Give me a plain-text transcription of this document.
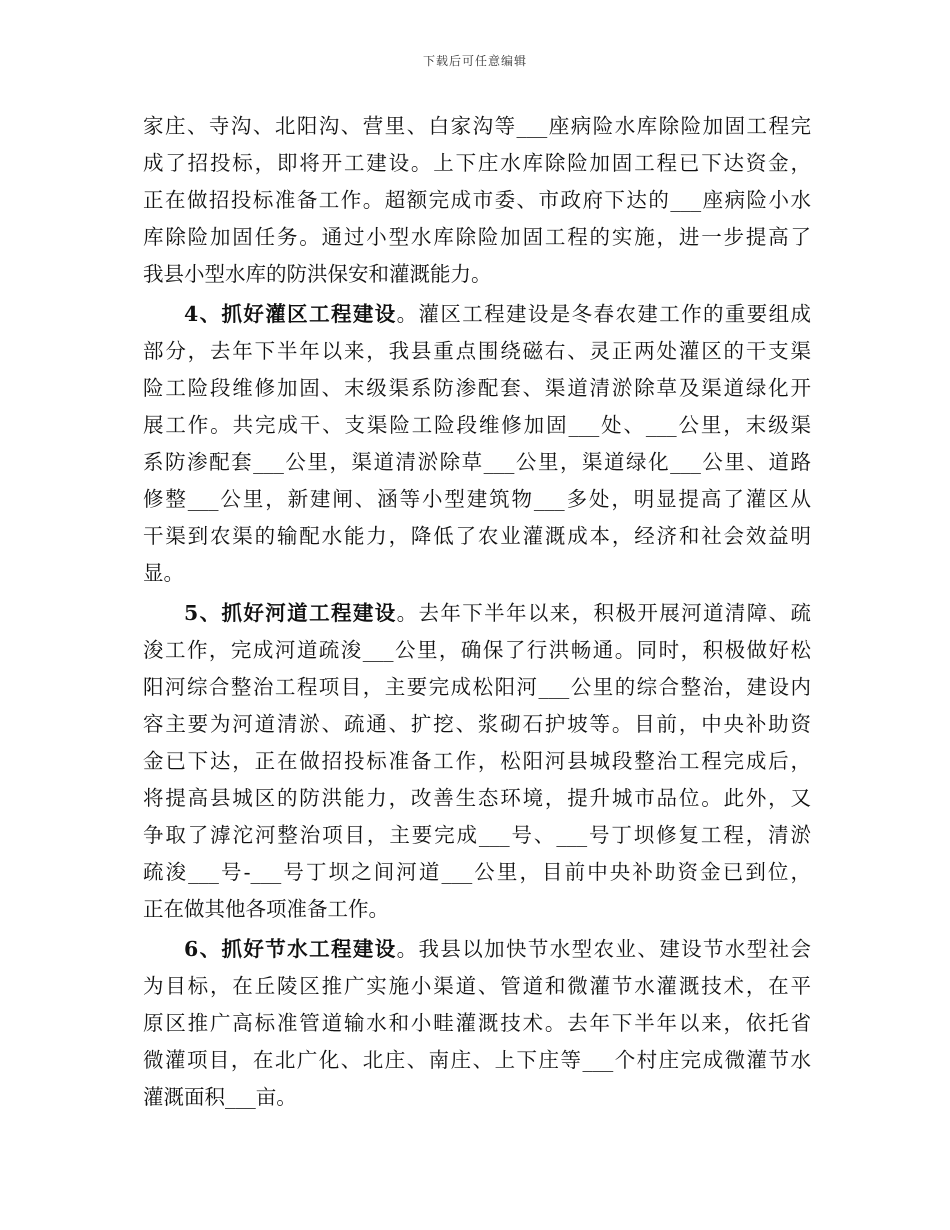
下载后可任意编辑

家庄、寺沟、北阳沟、营里、白家沟等___座病险水库除险加固工程完
成了招投标，即将开工建设。上下庄水库除险加固工程已下达资金，
正在做招投标准备工作。超额完成市委、市政府下达的___座病险小水
库除险加固任务。通过小型水库除险加固工程的实施，进一步提高了
我县小型水库的防洪保安和灌溉能力。

4、抓好灌区工程建设。灌区工程建设是冬春农建工作的重要组成
部分，去年下半年以来，我县重点围绕磁右、灵正两处灌区的干支渠
险工险段维修加固、末级渠系防渗配套、渠道清淤除草及渠道绿化开
展工作。共完成干、支渠险工险段维修加固___处、___公里，末级渠
系防渗配套___公里，渠道清淤除草___公里，渠道绿化___公里、道路
修整___公里，新建闸、涵等小型建筑物___多处，明显提高了灌区从
干渠到农渠的输配水能力，降低了农业灌溉成本，经济和社会效益明
显。

5、抓好河道工程建设。去年下半年以来，积极开展河道清障、疏
浚工作，完成河道疏浚___公里，确保了行洪畅通。同时，积极做好松
阳河综合整治工程项目，主要完成松阳河___公里的综合整治，建设内
容主要为河道清淤、疏通、扩挖、浆砌石护坡等。目前，中央补助资
金已下达，正在做招投标准备工作，松阳河县城段整治工程完成后，
将提高县城区的防洪能力，改善生态环境，提升城市品位。此外，又
争取了滹沱河整治项目，主要完成___号、___号丁坝修复工程，清淤
疏浚___号-___号丁坝之间河道___公里，目前中央补助资金已到位，
正在做其他各项准备工作。

6、抓好节水工程建设。我县以加快节水型农业、建设节水型社会
为目标，在丘陵区推广实施小渠道、管道和微灌节水灌溉技术，在平
原区推广高标准管道输水和小畦灌溉技术。去年下半年以来，依托省
微灌项目，在北广化、北庄、南庄、上下庄等___个村庄完成微灌节水
灌溉面积___亩。
